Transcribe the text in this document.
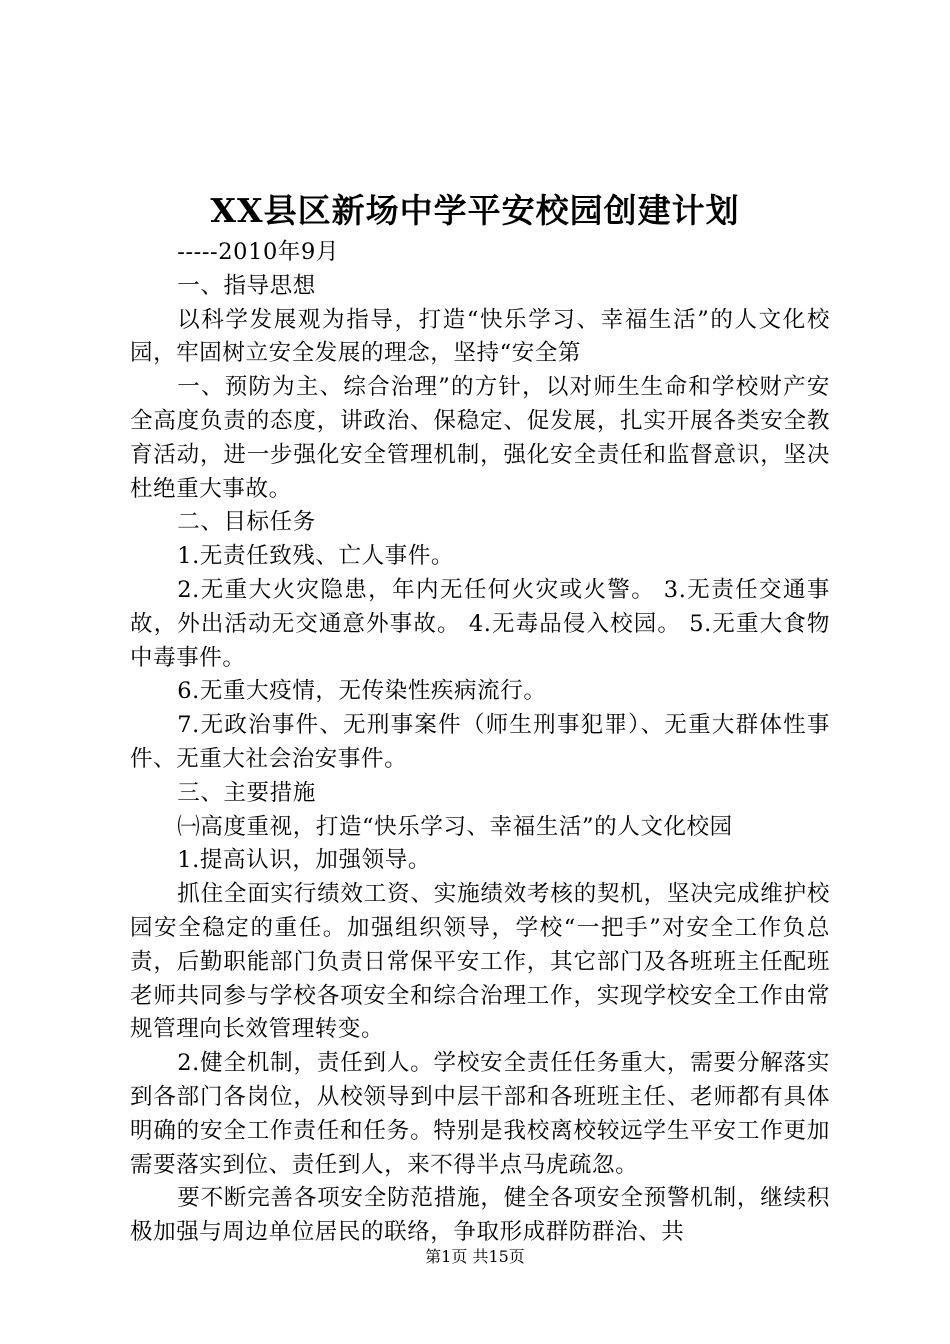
XX县区新场中学平安校园创建计划

-----2010年9月

一、指导思想

以科学发展观为指导，打造“快乐学习、幸福生活”的人文化校园，牢固树立安全发展的理念，坚持“安全第

一、预防为主、综合治理”的方针，以对师生生命和学校财产安全高度负责的态度，讲政治、保稳定、促发展，扎实开展各类安全教育活动，进一步强化安全管理机制，强化安全责任和监督意识，坚决杜绝重大事故。

二、目标任务

1.无责任致残、亡人事件。

2.无重大火灾隐患，年内无任何火灾或火警。 3.无责任交通事故，外出活动无交通意外事故。 4.无毒品侵入校园。 5.无重大食物中毒事件。

6.无重大疫情，无传染性疾病流行。

7.无政治事件、无刑事案件（师生刑事犯罪）、无重大群体性事件、无重大社会治安事件。

三、主要措施

㈠高度重视，打造“快乐学习、幸福生活”的人文化校园

1.提高认识，加强领导。

抓住全面实行绩效工资、实施绩效考核的契机，坚决完成维护校园安全稳定的重任。加强组织领导，学校“一把手”对安全工作负总责，后勤职能部门负责日常保平安工作，其它部门及各班班主任配班老师共同参与学校各项安全和综合治理工作，实现学校安全工作由常规管理向长效管理转变。

2.健全机制，责任到人。学校安全责任任务重大，需要分解落实到各部门各岗位，从校领导到中层干部和各班班主任、老师都有具体明确的安全工作责任和任务。特别是我校离校较远学生平安工作更加需要落实到位、责任到人，来不得半点马虎疏忽。

要不断完善各项安全防范措施，健全各项安全预警机制，继续积极加强与周边单位居民的联络，争取形成群防群治、共

第1页 共15页
